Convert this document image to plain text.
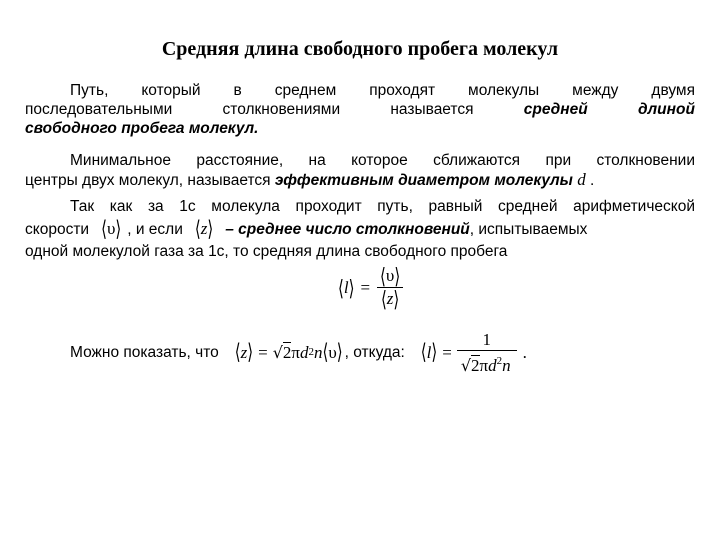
Средняя длина свободного пробега молекул
Путь, который в среднем проходят молекулы между двумя
последовательными	столкновениями	называется	средней	длиной
свободного пробега молекул.
Минимальное расстояние, на которое сближаются при столкновении
центры двух молекул, называется эффективным диаметром молекулы d .
Так как за 1с молекула проходит путь, равный средней арифметической
скорости ⟨υ⟩ , и если ⟨z⟩ – среднее число столкновений , испытываемых
одной молекулой газа за 1с, то средняя длина свободного пробега
⟨ l ⟩ = $\frac{⟨\upsilon⟩}{⟨z⟩}$
Можно показать, что ⟨ z ⟩ = √2 π d 2 n ⟨ υ ⟩ , откуда: ⟨ l ⟩ = $\frac{1}{√2\pi d^2n}$ .
